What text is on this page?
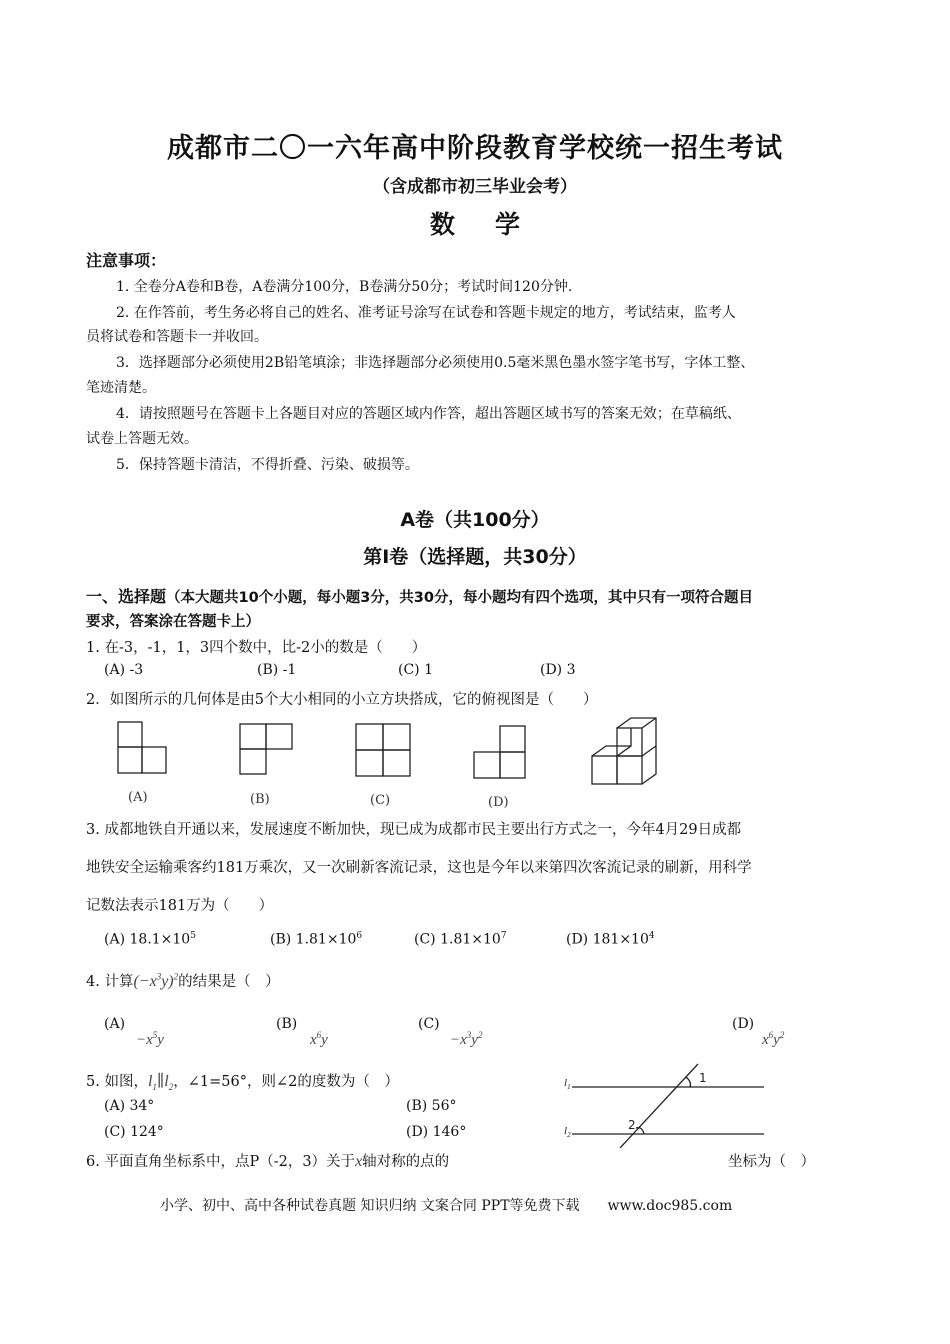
成都市二〇一六年高中阶段教育学校统一招生考试
（含成都市初三毕业会考）
数学
注意事项：
1. 全卷分A卷和B卷，A卷满分100分，B卷满分50分；考试时间120分钟.
2. 在作答前，考生务必将自己的姓名、准考证号涂写在试卷和答题卡规定的地方，考试结束，监考人
员将试卷和答题卡一并收回。
3．选择题部分必须使用2B铅笔填涂；非选择题部分必须使用0.5毫米黑色墨水签字笔书写，字体工整、
笔迹清楚。
4．请按照题号在答题卡上各题目对应的答题区域内作答，超出答题区域书写的答案无效；在草稿纸、
试卷上答题无效。
5．保持答题卡清洁，不得折叠、污染、破损等。
A卷（共100分）
第Ⅰ卷（选择题，共30分）
一、选择题（本大题共10个小题，每小题3分，共30分，每小题均有四个选项，其中只有一项符合题目
要求，答案涂在答题卡上）
1. 在-3，-1，1，3四个数中，比-2小的数是（　　）
(A) -3	(B) -1	(C) 1	(D) 3
2．如图所示的几何体是由5个大小相同的小立方块搭成，它的俯视图是（　　）
(A)	(B)	(C)	(D)
3. 成都地铁自开通以来，发展速度不断加快，现已成为成都市民主要出行方式之一，今年4月29日成都
地铁安全运输乘客约181万乘次，又一次刷新客流记录，这也是今年以来第四次客流记录的刷新，用科学
记数法表示181万为（　　）
(A) $18.1\times 10^5$	(B) $1.81\times 10^6$	(C) $1.81\times 10^7$	(D) $181\times 10^4$
4. 计算$(-x^3y)^2$的结果是（　）
(A)
$-x^5y$
(B)
$x^6y$
(C)
$-x^3y^2$
(D)
$x^6y^2$
5. 如图，$l_1\parallel l_2$，∠1=56°，则∠2的度数为（　）
(A) 34°	(B) 56°
(C) 124°	(D) 146°
$l_1$
$l_2$
1
2
6. 平面直角坐标系中，点P（-2，3）关于x轴对称的点的	坐标为（　）
小学、初中、高中各种试卷真题 知识归纳 文案合同 PPT等免费下载　　www.doc985.com
